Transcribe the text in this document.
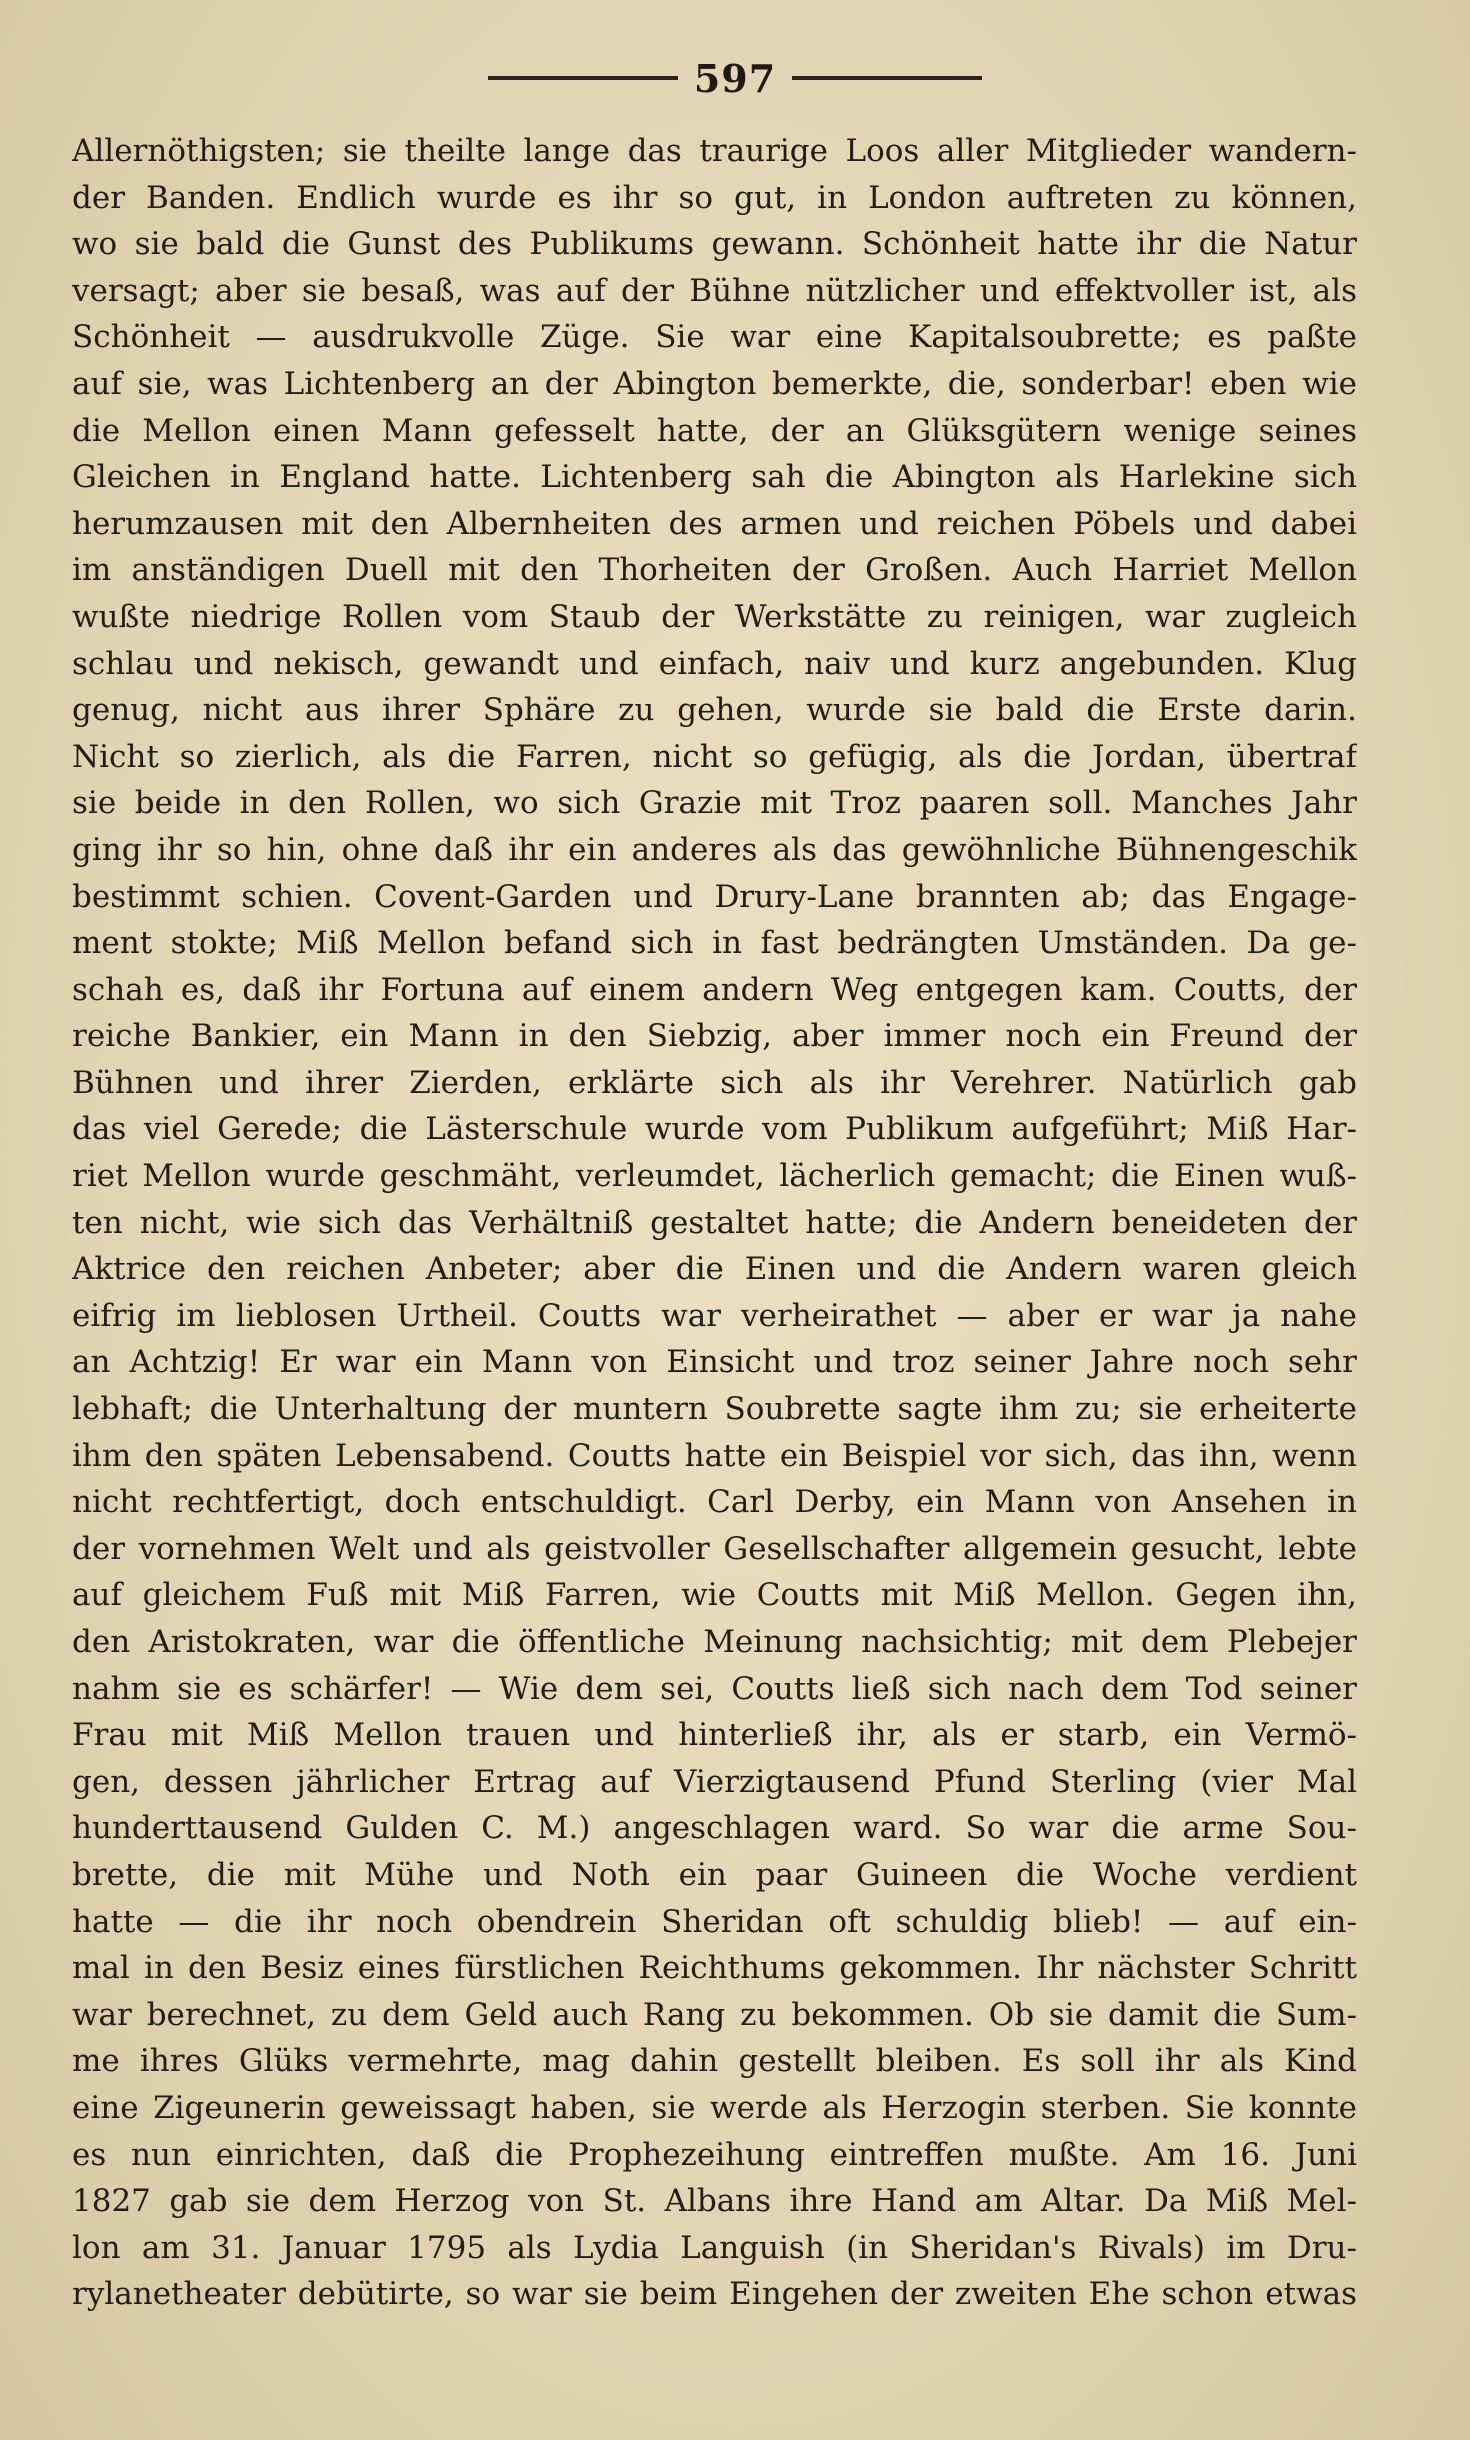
597
Allernöthigsten; sie theilte lange das traurige Loos aller Mitglieder wandern-
der Banden. Endlich wurde es ihr so gut, in London auftreten zu können,
wo sie bald die Gunst des Publikums gewann. Schönheit hatte ihr die Natur
versagt; aber sie besaß, was auf der Bühne nützlicher und effektvoller ist, als
Schönheit — ausdrukvolle Züge. Sie war eine Kapitalsoubrette; es paßte
auf sie, was Lichtenberg an der Abington bemerkte, die, sonderbar! eben wie
die Mellon einen Mann gefesselt hatte, der an Glüksgütern wenige seines
Gleichen in England hatte. Lichtenberg sah die Abington als Harlekine sich
herumzausen mit den Albernheiten des armen und reichen Pöbels und dabei
im anständigen Duell mit den Thorheiten der Großen. Auch Harriet Mellon
wußte niedrige Rollen vom Staub der Werkstätte zu reinigen, war zugleich
schlau und nekisch, gewandt und einfach, naiv und kurz angebunden. Klug
genug, nicht aus ihrer Sphäre zu gehen, wurde sie bald die Erste darin.
Nicht so zierlich, als die Farren, nicht so gefügig, als die Jordan, übertraf
sie beide in den Rollen, wo sich Grazie mit Troz paaren soll. Manches Jahr
ging ihr so hin, ohne daß ihr ein anderes als das gewöhnliche Bühnengeschik
bestimmt schien. Covent-Garden und Drury-Lane brannten ab; das Engage-
ment stokte; Miß Mellon befand sich in fast bedrängten Umständen. Da ge-
schah es, daß ihr Fortuna auf einem andern Weg entgegen kam. Coutts, der
reiche Bankier, ein Mann in den Siebzig, aber immer noch ein Freund der
Bühnen und ihrer Zierden, erklärte sich als ihr Verehrer. Natürlich gab
das viel Gerede; die Lästerschule wurde vom Publikum aufgeführt; Miß Har-
riet Mellon wurde geschmäht, verleumdet, lächerlich gemacht; die Einen wuß-
ten nicht, wie sich das Verhältniß gestaltet hatte; die Andern beneideten der
Aktrice den reichen Anbeter; aber die Einen und die Andern waren gleich
eifrig im lieblosen Urtheil. Coutts war verheirathet — aber er war ja nahe
an Achtzig! Er war ein Mann von Einsicht und troz seiner Jahre noch sehr
lebhaft; die Unterhaltung der muntern Soubrette sagte ihm zu; sie erheiterte
ihm den späten Lebensabend. Coutts hatte ein Beispiel vor sich, das ihn, wenn
nicht rechtfertigt, doch entschuldigt. Carl Derby, ein Mann von Ansehen in
der vornehmen Welt und als geistvoller Gesellschafter allgemein gesucht, lebte
auf gleichem Fuß mit Miß Farren, wie Coutts mit Miß Mellon. Gegen ihn,
den Aristokraten, war die öffentliche Meinung nachsichtig; mit dem Plebejer
nahm sie es schärfer! — Wie dem sei, Coutts ließ sich nach dem Tod seiner
Frau mit Miß Mellon trauen und hinterließ ihr, als er starb, ein Vermö-
gen, dessen jährlicher Ertrag auf Vierzigtausend Pfund Sterling (vier Mal
hunderttausend Gulden C. M.) angeschlagen ward. So war die arme Sou-
brette, die mit Mühe und Noth ein paar Guineen die Woche verdient
hatte — die ihr noch obendrein Sheridan oft schuldig blieb! — auf ein-
mal in den Besiz eines fürstlichen Reichthums gekommen. Ihr nächster Schritt
war berechnet, zu dem Geld auch Rang zu bekommen. Ob sie damit die Sum-
me ihres Glüks vermehrte, mag dahin gestellt bleiben. Es soll ihr als Kind
eine Zigeunerin geweissagt haben, sie werde als Herzogin sterben. Sie konnte
es nun einrichten, daß die Prophezeihung eintreffen mußte. Am 16. Juni
1827 gab sie dem Herzog von St. Albans ihre Hand am Altar. Da Miß Mel-
lon am 31. Januar 1795 als Lydia Languish (in Sheridan's Rivals) im Dru-
rylanetheater debütirte, so war sie beim Eingehen der zweiten Ehe schon etwas
